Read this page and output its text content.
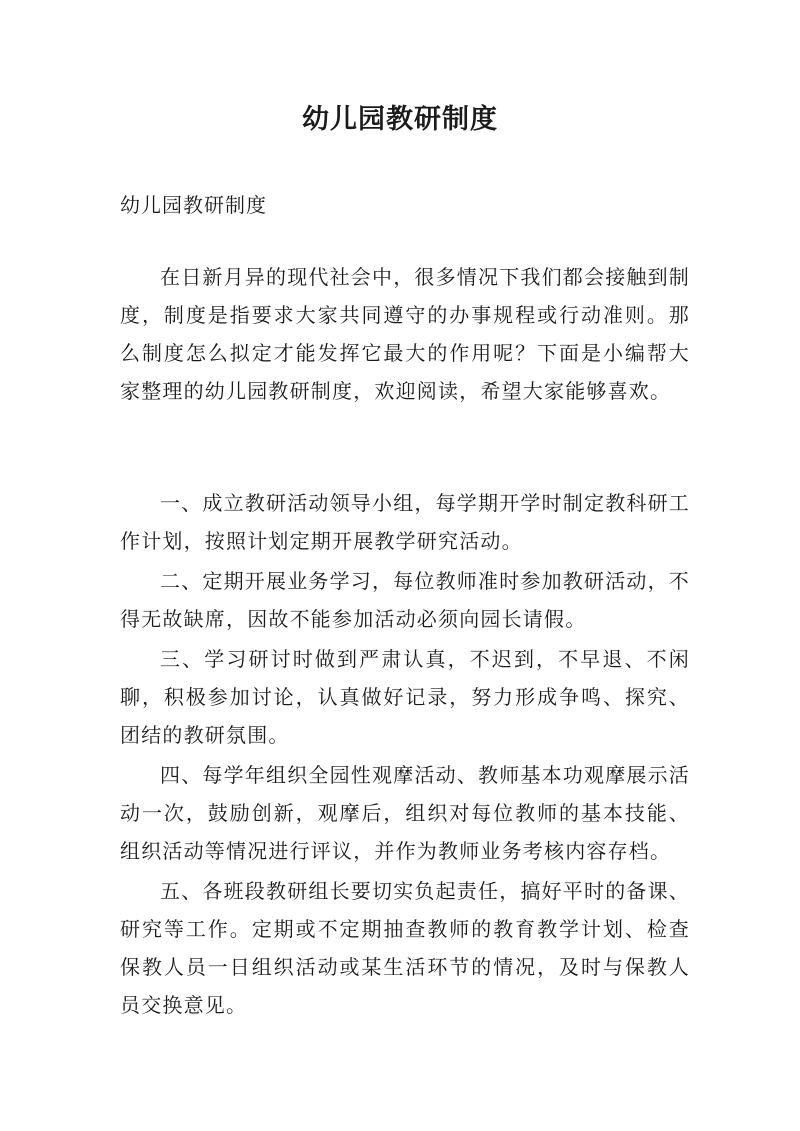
幼儿园教研制度

幼儿园教研制度

在日新月异的现代社会中，很多情况下我们都会接触到制度，制度是指要求大家共同遵守的办事规程或行动准则。那么制度怎么拟定才能发挥它最大的作用呢？下面是小编帮大家整理的幼儿园教研制度，欢迎阅读，希望大家能够喜欢。

一、成立教研活动领导小组，每学期开学时制定教科研工作计划，按照计划定期开展教学研究活动。

二、定期开展业务学习，每位教师准时参加教研活动，不得无故缺席，因故不能参加活动必须向园长请假。

三、学习研讨时做到严肃认真，不迟到，不早退、不闲聊，积极参加讨论，认真做好记录，努力形成争鸣、探究、团结的教研氛围。

四、每学年组织全园性观摩活动、教师基本功观摩展示活动一次，鼓励创新，观摩后，组织对每位教师的基本技能、组织活动等情况进行评议，并作为教师业务考核内容存档。

五、各班段教研组长要切实负起责任，搞好平时的备课、研究等工作。定期或不定期抽查教师的教育教学计划、检查保教人员一日组织活动或某生活环节的情况，及时与保教人员交换意见。
